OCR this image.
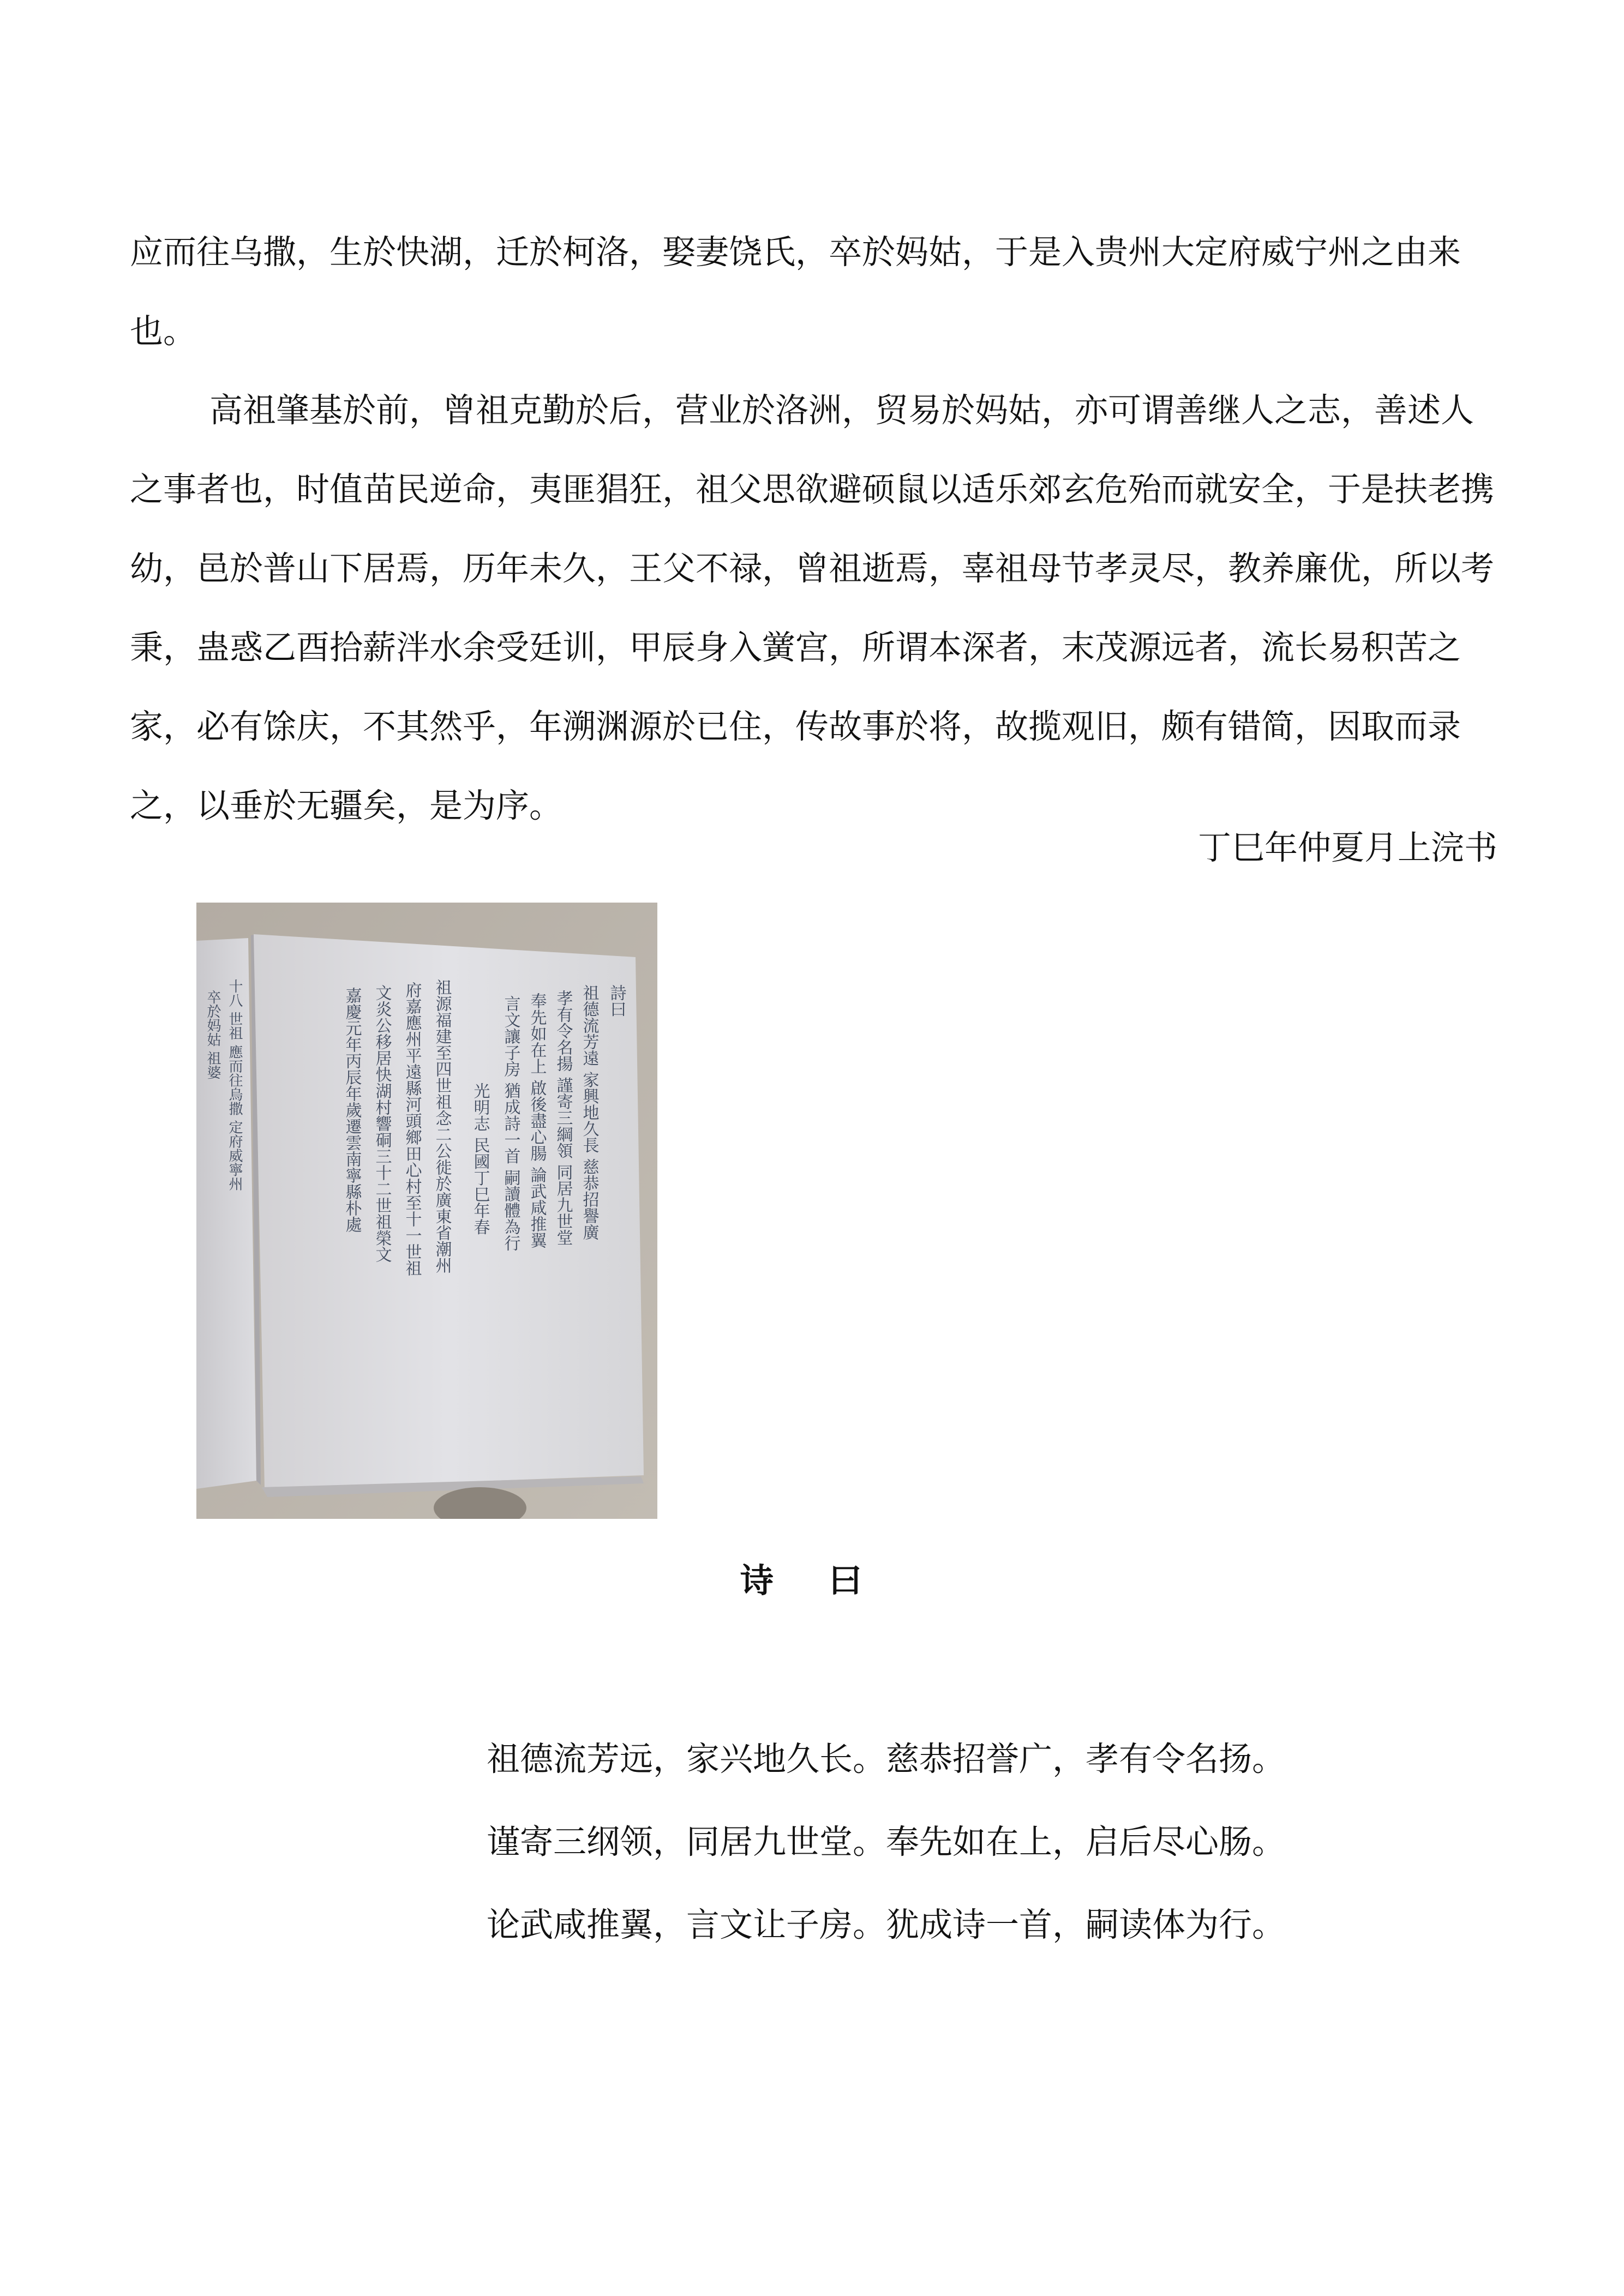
应而往乌撒，生於快湖，迁於柯洛，娶妻饶氏，卒於妈姑，于是入贵州大定府威宁州之由来也。

高祖肇基於前，曾祖克勤於后，营业於洛洲，贸易於妈姑，亦可谓善继人之志，善述人之事者也，时值苗民逆命，夷匪猖狂，祖父思欲避硕鼠以适乐郊玄危殆而就安全，于是扶老携幼，邑於普山下居焉，历年未久，王父不禄，曾祖逝焉，辜祖母节孝灵尽，教养廉优，所以考秉，蛊惑乙酉拾薪泮水余受廷训，甲辰身入黉宫，所谓本深者，末茂源远者，流长易积苦之家，必有馀庆，不其然乎，年溯渊源於已住，传故事於将，故揽观旧，颇有错简，因取而录之，以垂於无疆矣，是为序。

丁巳年仲夏月上浣书
詩曰
祖德流芳遠 家興地久長 慈恭招譽廣
孝有令名揚 謹寄三綱領 同居九世堂
奉先如在上 啟後盡心腸 論武咸推翼
言文讓子房 猶成詩一首 嗣讀體為行
光明志 民國丁巳年春
祖源福建至四世祖念二公徙於廣東省潮州
府嘉應州平遠縣河頭鄉田心村至十一世祖
文炎公移居快湖村響硐三十二世祖榮文
嘉慶元年丙辰年歲遷雲南寧縣朴處
十八 世祖 應而往烏撒 定府威寧州
卒於妈姑 祖婆
诗 曰

祖德流芳远，家兴地久长。慈恭招誉广，孝有令名扬。

谨寄三纲领，同居九世堂。奉先如在上，启后尽心肠。

论武咸推翼，言文让子房。犹成诗一首，嗣读体为行。
